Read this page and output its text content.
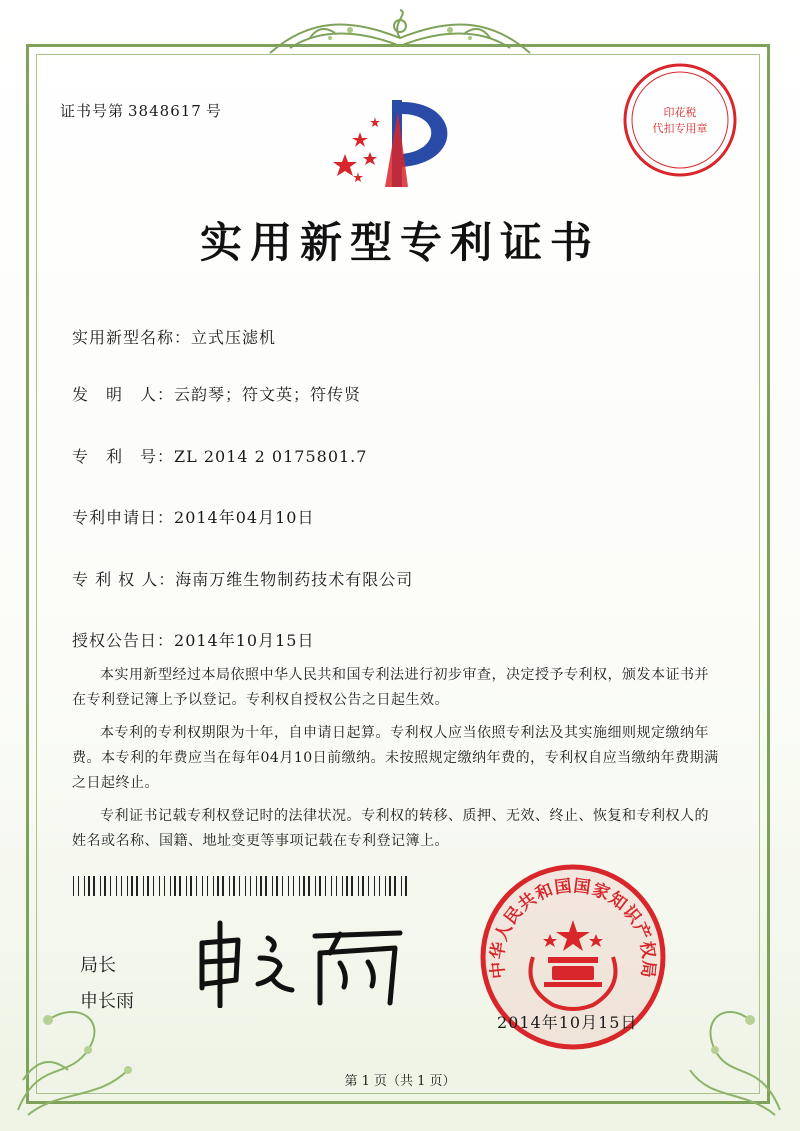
证书号第 3848617 号	印花税
代扣专用章
实用新型专利证书
实用新型名称：立式压滤机
发　明　人：云韵琴；符文英；符传贤
专　利　号：ZL 2014 2 0175801.7
专利申请日：2014年04月10日
专 利 权 人：海南万维生物制药技术有限公司
授权公告日：2014年10月15日

本实用新型经过本局依照中华人民共和国专利法进行初步审查，决定授予专利权，颁发本证书并在专利登记簿上予以登记。专利权自授权公告之日起生效。

本专利的专利权期限为十年，自申请日起算。专利权人应当依照专利法及其实施细则规定缴纳年费。本专利的年费应当在每年04月10日前缴纳。未按照规定缴纳年费的，专利权自应当缴纳年费期满之日起终止。

专利证书记载专利权登记时的法律状况。专利权的转移、质押、无效、终止、恢复和专利权人的姓名或名称、国籍、地址变更等事项记载在专利登记簿上。

局长
申长雨
中华人民共和国国家知识产权局
2014年10月15日
第 1 页（共 1 页）
